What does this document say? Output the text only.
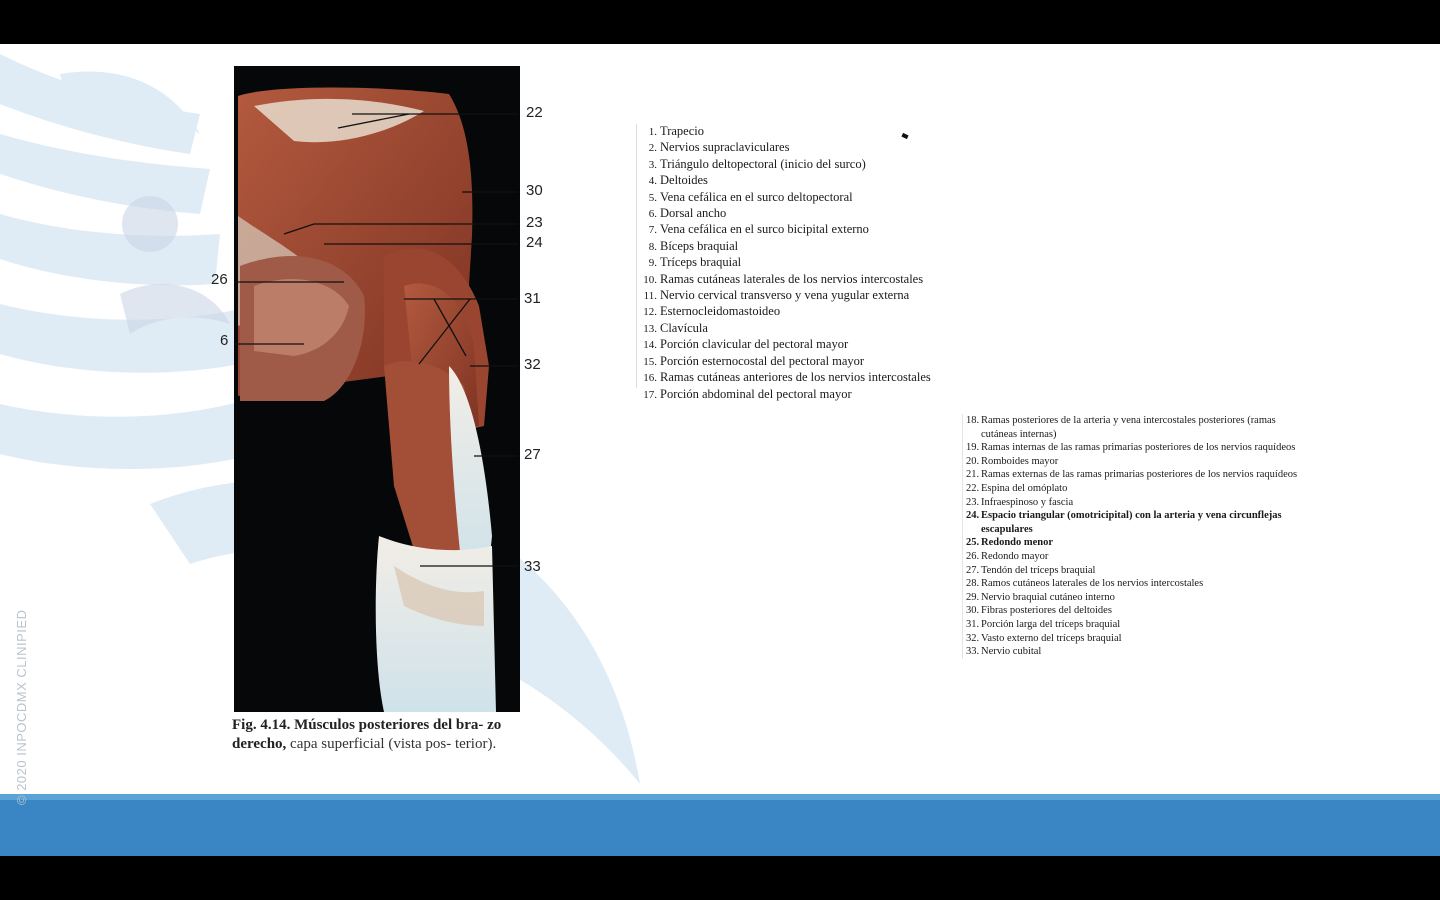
22
30
23
24
31
32
27
33
26
6
Fig. 4.14. Músculos posteriores del bra- zo derecho, capa superficial (vista pos- terior).
1. Trapecio
2. Nervios supraclaviculares
3. Triángulo deltopectoral (inicio del surco)
4. Deltoides
5. Vena cefálica en el surco deltopectoral
6. Dorsal ancho
7. Vena cefálica en el surco bicipital externo
8. Bíceps braquial
9. Tríceps braquial
10. Ramas cutáneas laterales de los nervios intercostales
11. Nervio cervical transverso y vena yugular externa
12. Esternocleidomastoideo
13. Clavícula
14. Porción clavicular del pectoral mayor
15. Porción esternocostal del pectoral mayor
16. Ramas cutáneas anteriores de los nervios intercostales
17. Porción abdominal del pectoral mayor
18. Ramas posteriores de la arteria y vena intercostales posteriores (ramas cutáneas internas)
19. Ramas internas de las ramas primarias posteriores de los nervios raquídeos
20. Romboides mayor
21. Ramas externas de las ramas primarias posteriores de los nervios raquídeos
22. Espina del omóplato
23. Infraespinoso y fascia
24. Espacio triangular (omotricipital) con la arteria y vena circunflejas escapulares
25. Redondo menor
26. Redondo mayor
27. Tendón del tríceps braquial
28. Ramos cutáneos laterales de los nervios intercostales
29. Nervio braquial cutáneo interno
30. Fibras posteriores del deltoides
31. Porción larga del tríceps braquial
32. Vasto externo del tríceps braquial
33. Nervio cubital
© 2020 INPOCDMX CLINIPIED
